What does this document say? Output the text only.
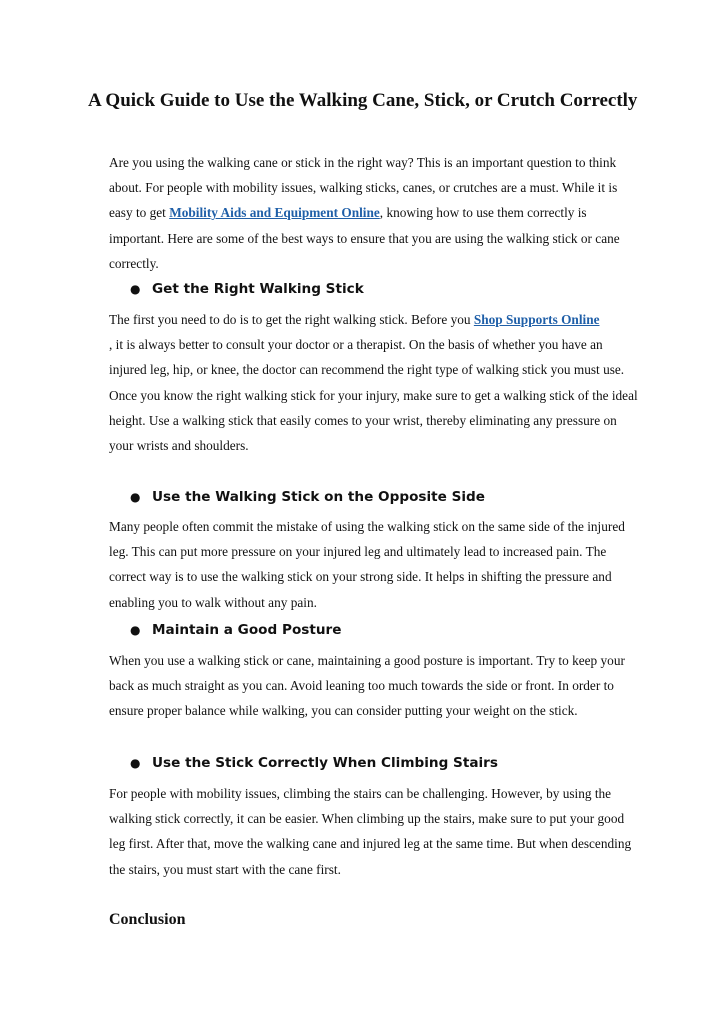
A Quick Guide to Use the Walking Cane, Stick, or Crutch Correctly

Are you using the walking cane or stick in the right way? This is an important question to think about. For people with mobility issues, walking sticks, canes, or crutches are a must. While it is easy to get Mobility Aids and Equipment Online, knowing how to use them correctly is important. Here are some of the best ways to ensure that you are using the walking stick or cane correctly.

● Get the Right Walking Stick

The first you need to do is to get the right walking stick. Before you Shop Supports Online
, it is always better to consult your doctor or a therapist. On the basis of whether you have an injured leg, hip, or knee, the doctor can recommend the right type of walking stick you must use. Once you know the right walking stick for your injury, make sure to get a walking stick of the ideal height. Use a walking stick that easily comes to your wrist, thereby eliminating any pressure on your wrists and shoulders.

● Use the Walking Stick on the Opposite Side

Many people often commit the mistake of using the walking stick on the same side of the injured leg. This can put more pressure on your injured leg and ultimately lead to increased pain. The correct way is to use the walking stick on your strong side. It helps in shifting the pressure and enabling you to walk without any pain.

● Maintain a Good Posture

When you use a walking stick or cane, maintaining a good posture is important. Try to keep your back as much straight as you can. Avoid leaning too much towards the side or front. In order to ensure proper balance while walking, you can consider putting your weight on the stick.

● Use the Stick Correctly When Climbing Stairs

For people with mobility issues, climbing the stairs can be challenging. However, by using the walking stick correctly, it can be easier. When climbing up the stairs, make sure to put your good leg first. After that, move the walking cane and injured leg at the same time. But when descending the stairs, you must start with the cane first.

Conclusion
